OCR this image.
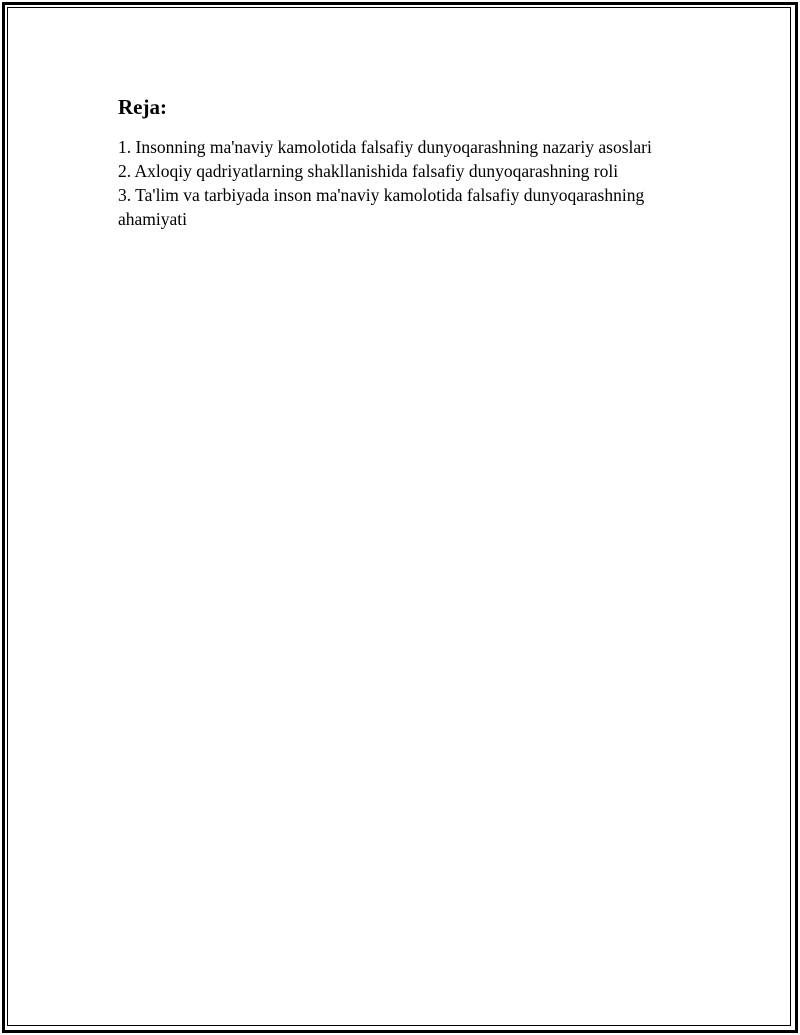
Reja:
1. Insonning ma'naviy kamolotida falsafiy dunyoqarashning nazariy asoslari
2. Axloqiy qadriyatlarning shakllanishida falsafiy dunyoqarashning roli
3. Ta'lim va tarbiyada inson ma'naviy kamolotida falsafiy dunyoqarashning ahamiyati
